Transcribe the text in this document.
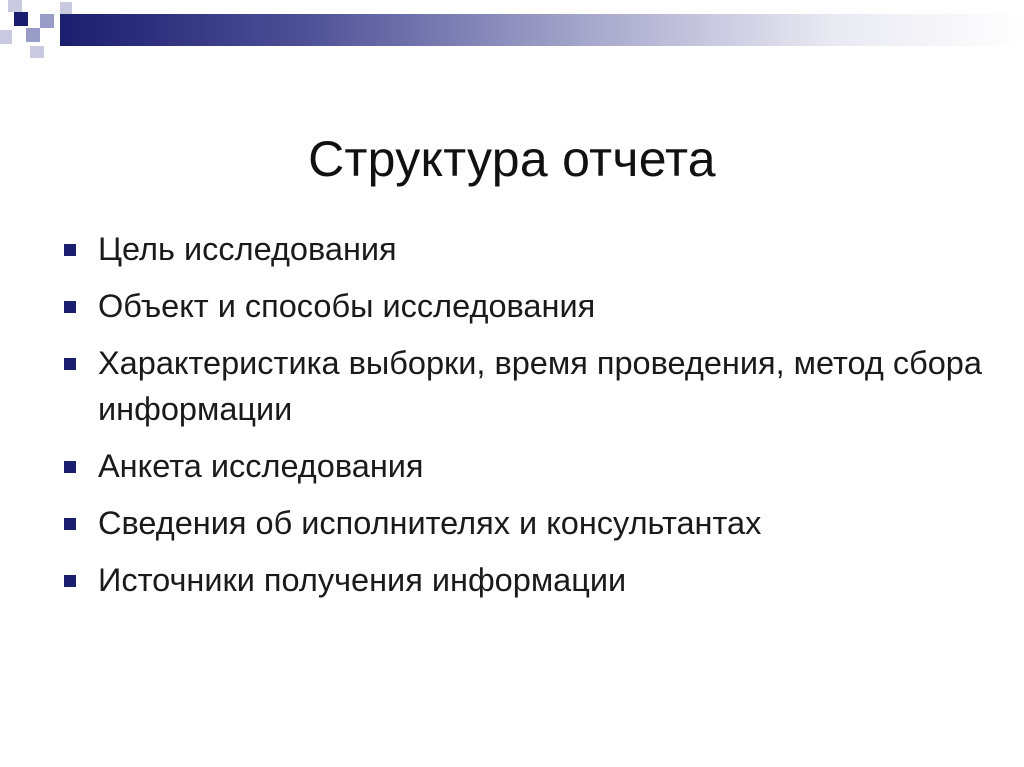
Структура отчета
Цель исследования
Объект и способы исследования
Характеристика выборки, время проведения, метод сбора информации
Анкета исследования
Сведения об исполнителях и консультантах
Источники получения информации
